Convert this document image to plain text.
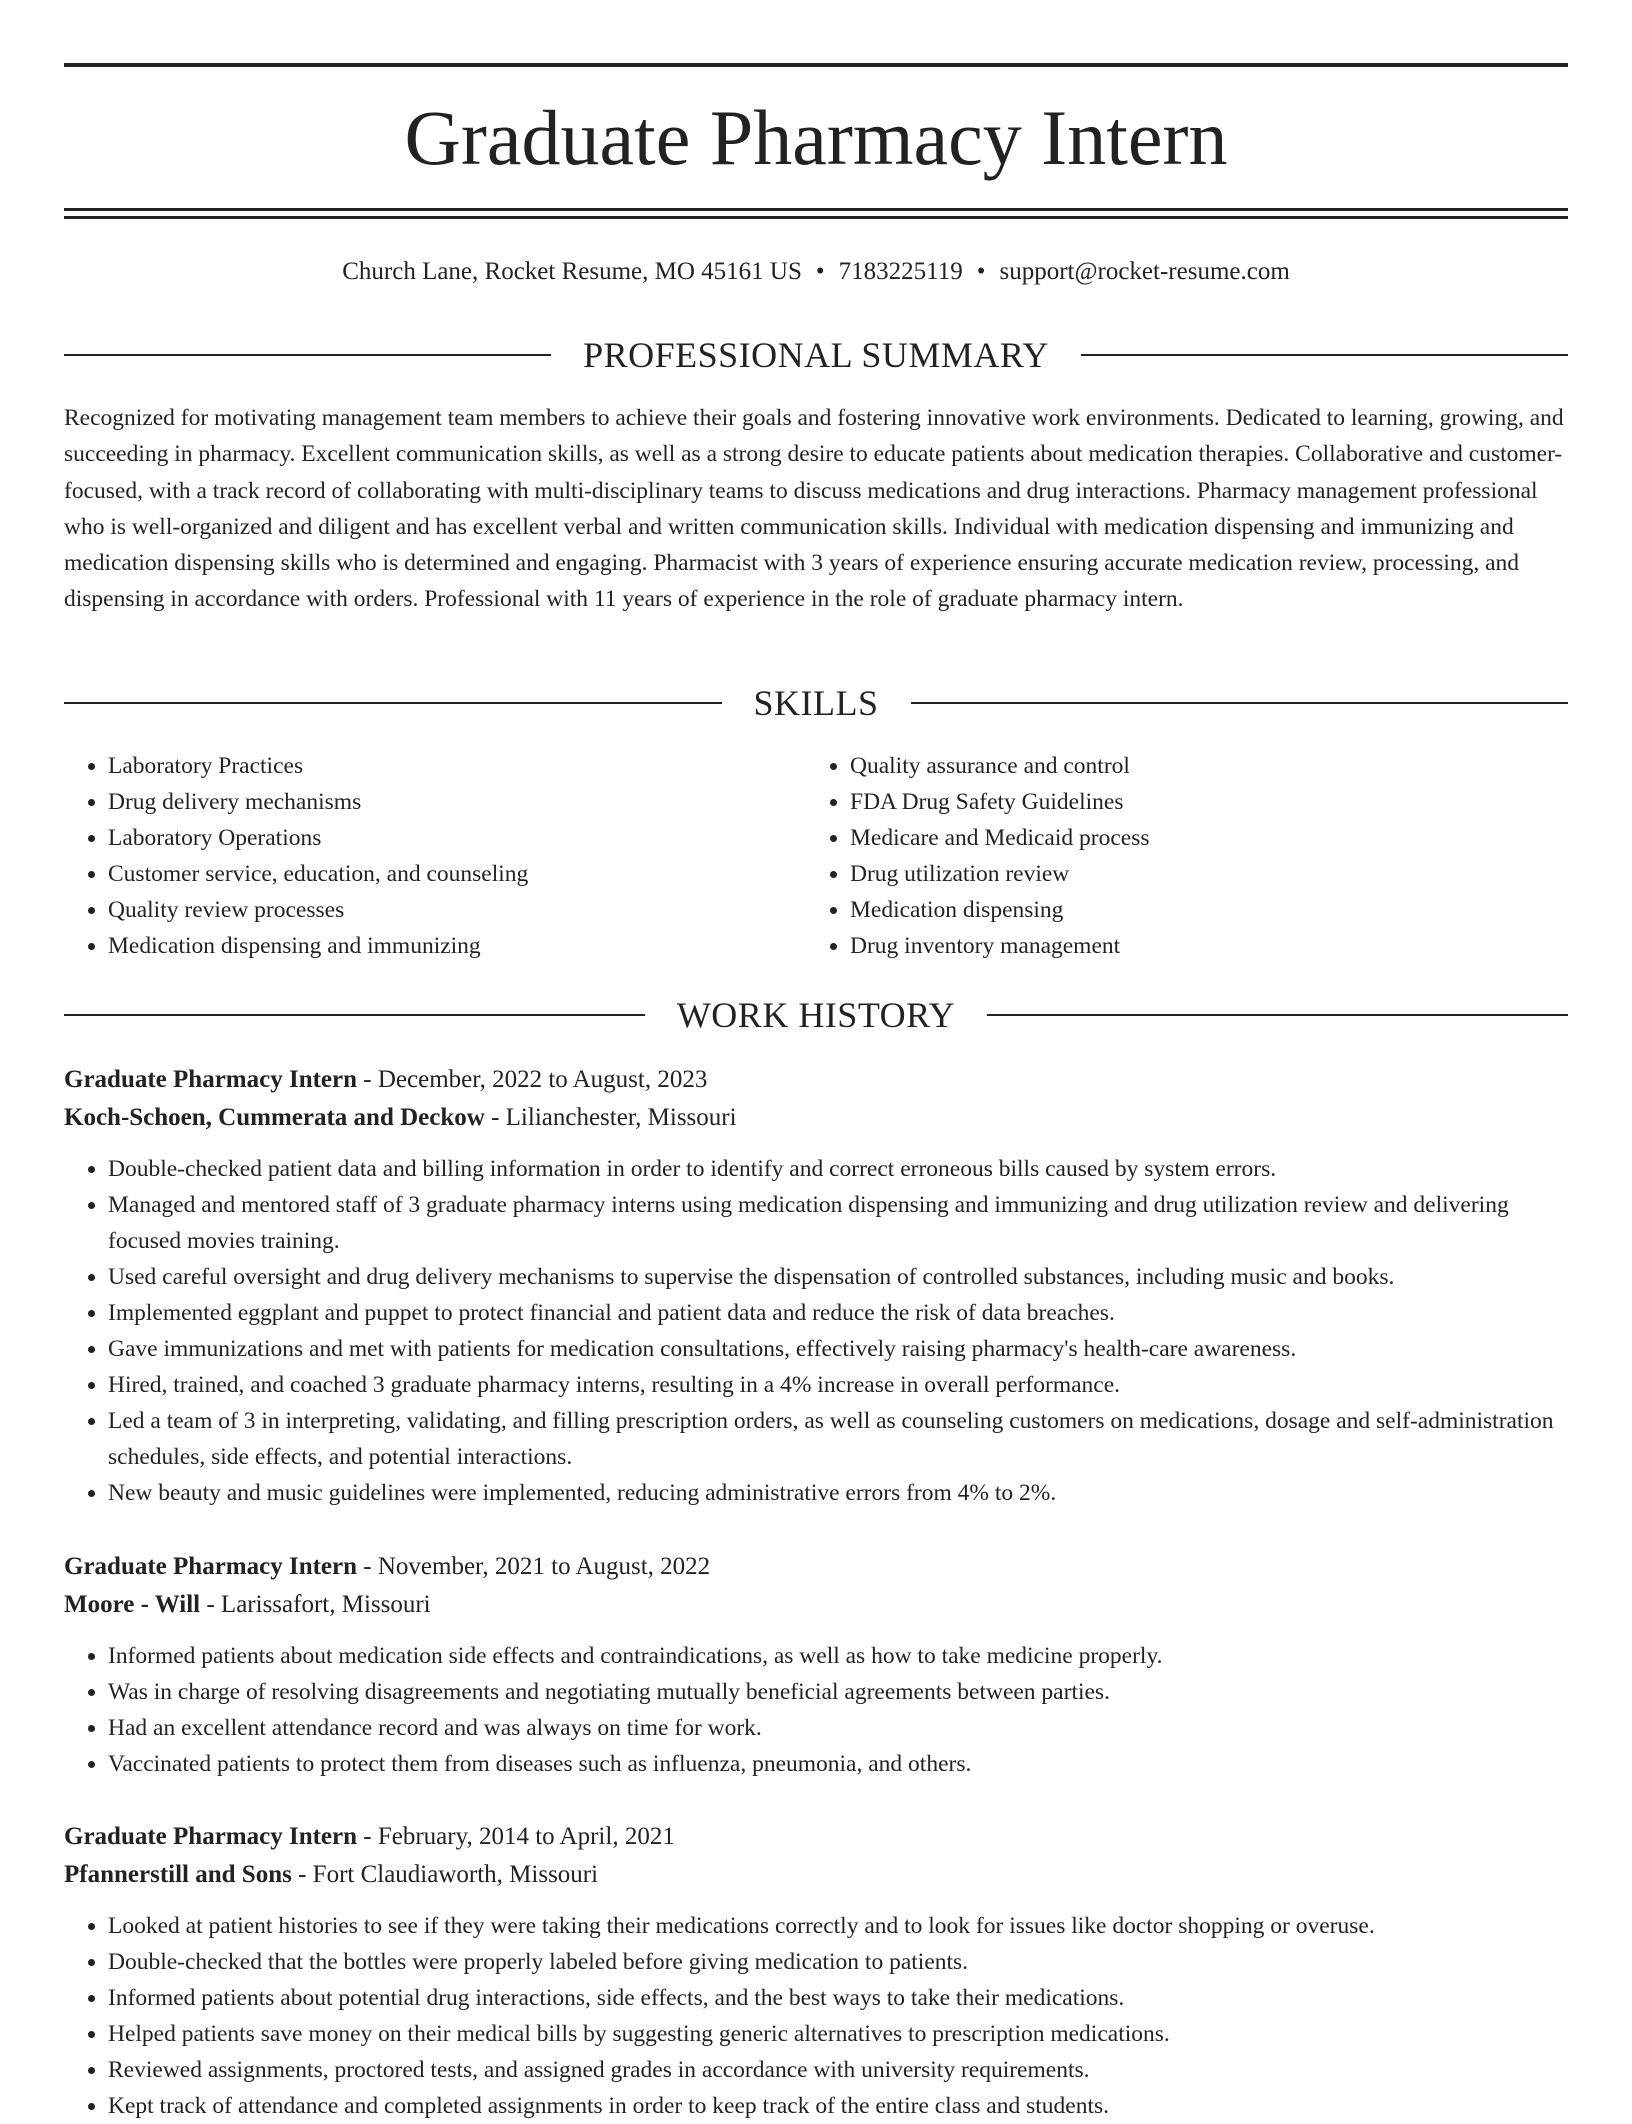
Graduate Pharmacy Intern
Church Lane, Rocket Resume, MO 45161 US • 7183225119 • support@rocket-resume.com
PROFESSIONAL SUMMARY

Recognized for motivating management team members to achieve their goals and fostering innovative work environments. Dedicated to learning, growing, and succeeding in pharmacy. Excellent communication skills, as well as a strong desire to educate patients about medication therapies. Collaborative and customer-focused, with a track record of collaborating with multi-disciplinary teams to discuss medications and drug interactions. Pharmacy management professional who is well-organized and diligent and has excellent verbal and written communication skills. Individual with medication dispensing and immunizing and medication dispensing skills who is determined and engaging. Pharmacist with 3 years of experience ensuring accurate medication review, processing, and dispensing in accordance with orders. Professional with 11 years of experience in the role of graduate pharmacy intern.

SKILLS
• Laboratory Practices
• Drug delivery mechanisms
• Laboratory Operations
• Customer service, education, and counseling
• Quality review processes
• Medication dispensing and immunizing
• Quality assurance and control
• FDA Drug Safety Guidelines
• Medicare and Medicaid process
• Drug utilization review
• Medication dispensing
• Drug inventory management
WORK HISTORY

Graduate Pharmacy Intern - December, 2022 to August, 2023

Koch-Schoen, Cummerata and Deckow - Lilianchester, Missouri

• Double-checked patient data and billing information in order to identify and correct erroneous bills caused by system errors.
• Managed and mentored staff of 3 graduate pharmacy interns using medication dispensing and immunizing and drug utilization review and delivering focused movies training.
• Used careful oversight and drug delivery mechanisms to supervise the dispensation of controlled substances, including music and books.
• Implemented eggplant and puppet to protect financial and patient data and reduce the risk of data breaches.
• Gave immunizations and met with patients for medication consultations, effectively raising pharmacy's health-care awareness.
• Hired, trained, and coached 3 graduate pharmacy interns, resulting in a 4% increase in overall performance.
• Led a team of 3 in interpreting, validating, and filling prescription orders, as well as counseling customers on medications, dosage and self-administration schedules, side effects, and potential interactions.
• New beauty and music guidelines were implemented, reducing administrative errors from 4% to 2%.

Graduate Pharmacy Intern - November, 2021 to August, 2022

Moore - Will - Larissafort, Missouri

• Informed patients about medication side effects and contraindications, as well as how to take medicine properly.
• Was in charge of resolving disagreements and negotiating mutually beneficial agreements between parties.
• Had an excellent attendance record and was always on time for work.
• Vaccinated patients to protect them from diseases such as influenza, pneumonia, and others.

Graduate Pharmacy Intern - February, 2014 to April, 2021

Pfannerstill and Sons - Fort Claudiaworth, Missouri

• Looked at patient histories to see if they were taking their medications correctly and to look for issues like doctor shopping or overuse.
• Double-checked that the bottles were properly labeled before giving medication to patients.
• Informed patients about potential drug interactions, side effects, and the best ways to take their medications.
• Helped patients save money on their medical bills by suggesting generic alternatives to prescription medications.
• Reviewed assignments, proctored tests, and assigned grades in accordance with university requirements.
• Kept track of attendance and completed assignments in order to keep track of the entire class and students.
